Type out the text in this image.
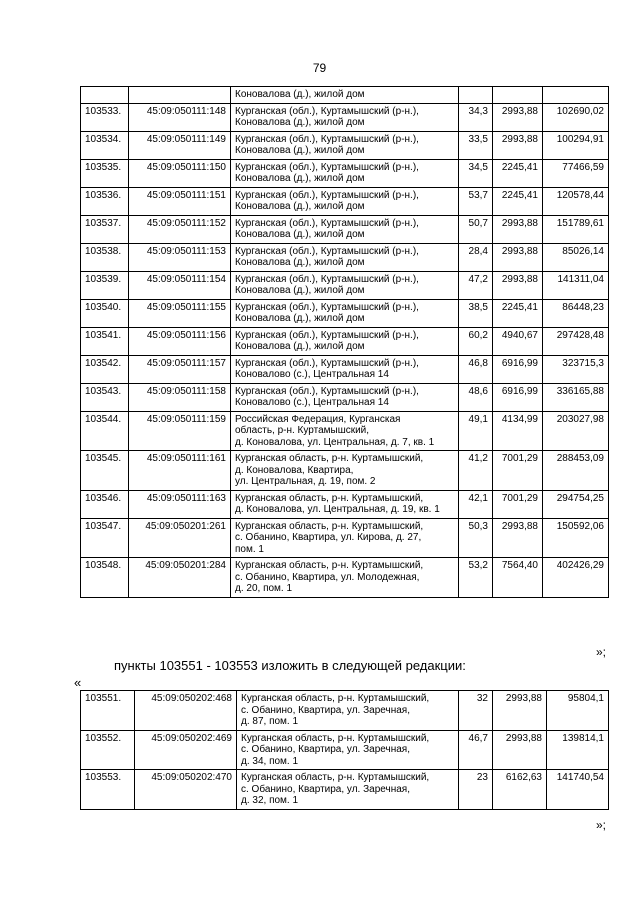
79

		Коновалова (д.), жилой дом			

103533.	45:09:050111:148	Курганская (обл.), Куртамышский (р-н.),
Коновалова (д.), жилой дом	34,3	2993,88	102690,02
103534.	45:09:050111:149	Курганская (обл.), Куртамышский (р-н.),
Коновалова (д.), жилой дом	33,5	2993,88	100294,91
103535.	45:09:050111:150	Курганская (обл.), Куртамышский (р-н.),
Коновалова (д.), жилой дом	34,5	2245,41	77466,59
103536.	45:09:050111:151	Курганская (обл.), Куртамышский (р-н.),
Коновалова (д.), жилой дом	53,7	2245,41	120578,44
103537.	45:09:050111:152	Курганская (обл.), Куртамышский (р-н.),
Коновалова (д.), жилой дом	50,7	2993,88	151789,61
103538.	45:09:050111:153	Курганская (обл.), Куртамышский (р-н.),
Коновалова (д.), жилой дом	28,4	2993,88	85026,14
103539.	45:09:050111:154	Курганская (обл.), Куртамышский (р-н.),
Коновалова (д.), жилой дом	47,2	2993,88	141311,04
103540.	45:09:050111:155	Курганская (обл.), Куртамышский (р-н.),
Коновалова (д.), жилой дом	38,5	2245,41	86448,23
103541.	45:09:050111:156	Курганская (обл.), Куртамышский (р-н.),
Коновалова (д.), жилой дом	60,2	4940,67	297428,48
103542.	45:09:050111:157	Курганская (обл.), Куртамышский (р-н.),
Коновалово (с.), Центральная 14	46,8	6916,99	323715,3
103543.	45:09:050111:158	Курганская (обл.), Куртамышский (р-н.),
Коновалово (с.), Центральная 14	48,6	6916,99	336165,88
103544.	45:09:050111:159	Российская Федерация, Курганская
область, р-н. Куртамышский,
д. Коновалова, ул. Центральная, д. 7, кв. 1	49,1	4134,99	203027,98
103545.	45:09:050111:161	Курганская область, р-н. Куртамышский,
д. Коновалова, Квартира,
ул. Центральная, д. 19, пом. 2	41,2	7001,29	288453,09
103546.	45:09:050111:163	Курганская область, р-н. Куртамышский,
д. Коновалова, ул. Центральная, д. 19, кв. 1	42,1	7001,29	294754,25
103547.	45:09:050201:261	Курганская область, р-н. Куртамышский,
с. Обанино, Квартира, ул. Кирова, д. 27,
пом. 1	50,3	2993,88	150592,06
103548.	45:09:050201:284	Курганская область, р-н. Куртамышский,
с. Обанино, Квартира, ул. Молодежная,
д. 20, пом. 1	53,2	7564,40	402426,29
»;
пункты 103551 - 103553 изложить в следующей редакции:
«
103551.	45:09:050202:468	Курганская область, р-н. Куртамышский,
с. Обанино, Квартира, ул. Заречная,
д. 87, пом. 1	32	2993,88	95804,1
103552.	45:09:050202:469	Курганская область, р-н. Куртамышский,
с. Обанино, Квартира, ул. Заречная,
д. 34, пом. 1	46,7	2993,88	139814,1
103553.	45:09:050202:470	Курганская область, р-н. Куртамышский,
с. Обанино, Квартира, ул. Заречная,
д. 32, пом. 1	23	6162,63	141740,54
»;
